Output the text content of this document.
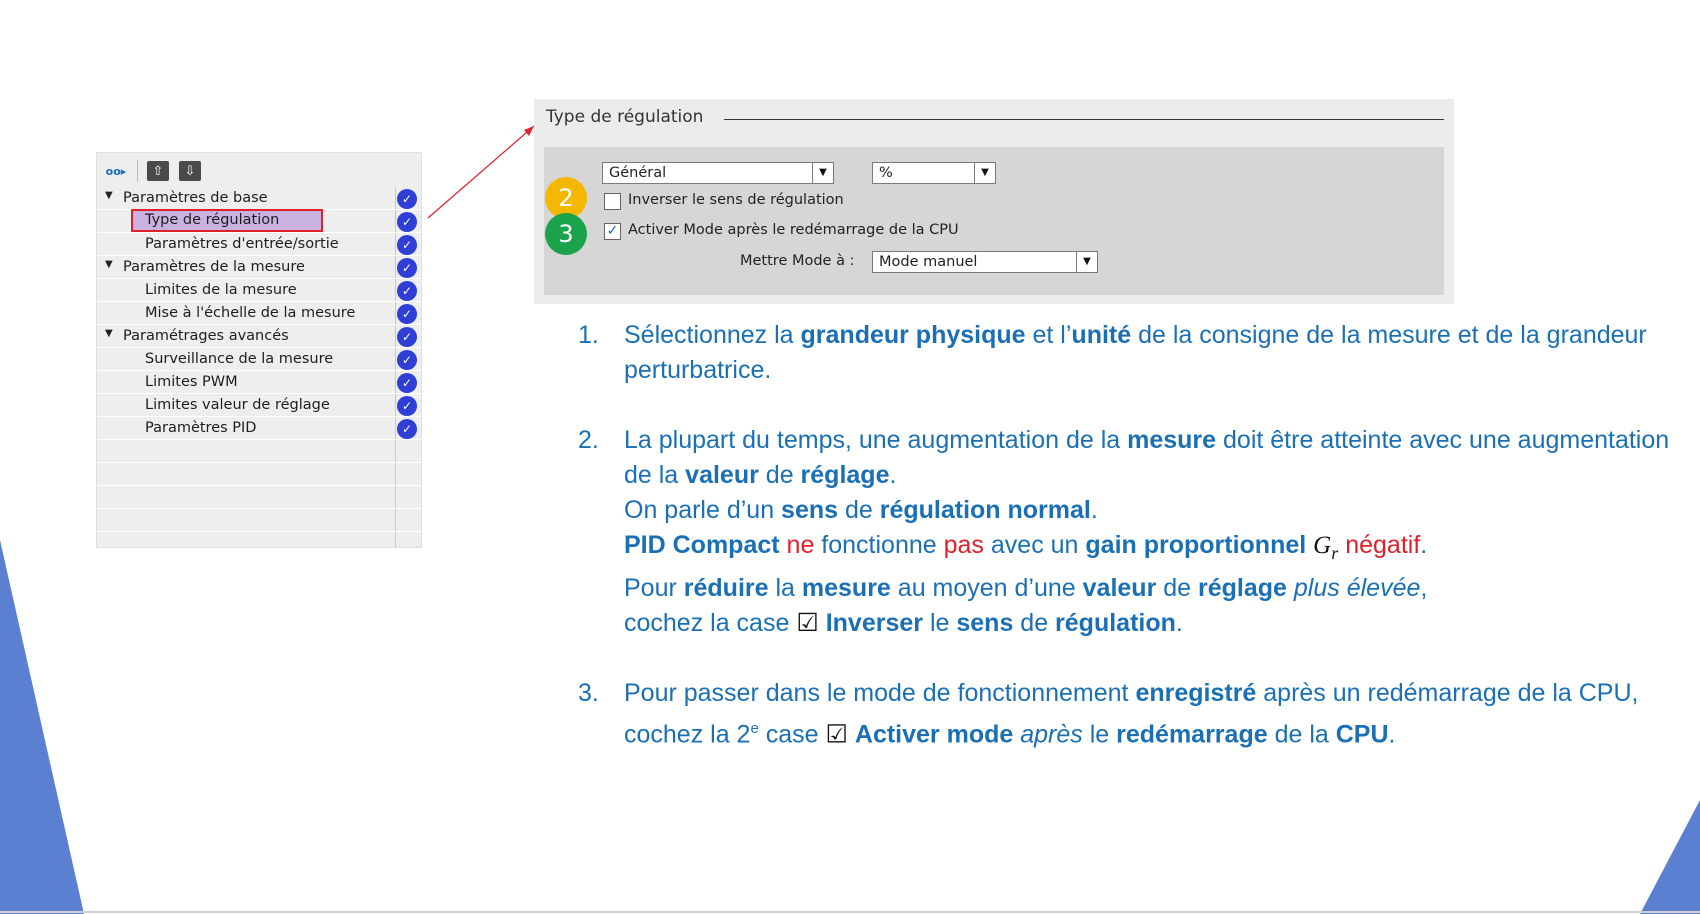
oo▸	⇧	⇩
▼ Paramètres de base	✓
Type de régulation	✓
Paramètres d'entrée/sortie	✓
▼ Paramètres de la mesure	✓
Limites de la mesure	✓
Mise à l'échelle de la mesure	✓
▼ Paramétrages avancés	✓
Surveillance de la mesure	✓
Limites PWM	✓
Limites valeur de réglage	✓
Paramètres PID	✓
Type de régulation
Général	▼	%	▼
Inverser le sens de régulation
✓ Activer Mode après le redémarrage de la CPU
Mettre Mode à : Mode manuel	▼
2
3
1. Sélectionnez la grandeur physique et l’unité de la consigne de la mesure et de la grandeur perturbatrice.
2. La plupart du temps, une augmentation de la mesure doit être atteinte avec une augmentation de la valeur de réglage.
On parle d’un sens de régulation normal.
PID Compact ne fonctionne pas avec un gain proportionnel $G_r$ négatif.
Pour réduire la mesure au moyen d’une valeur de réglage plus élevée,
cochez la case ☑ Inverser le sens de régulation.
3. Pour passer dans le mode de fonctionnement enregistré après un redémarrage de la CPU, cochez la 2e case ☑ Activer mode après le redémarrage de la CPU.
